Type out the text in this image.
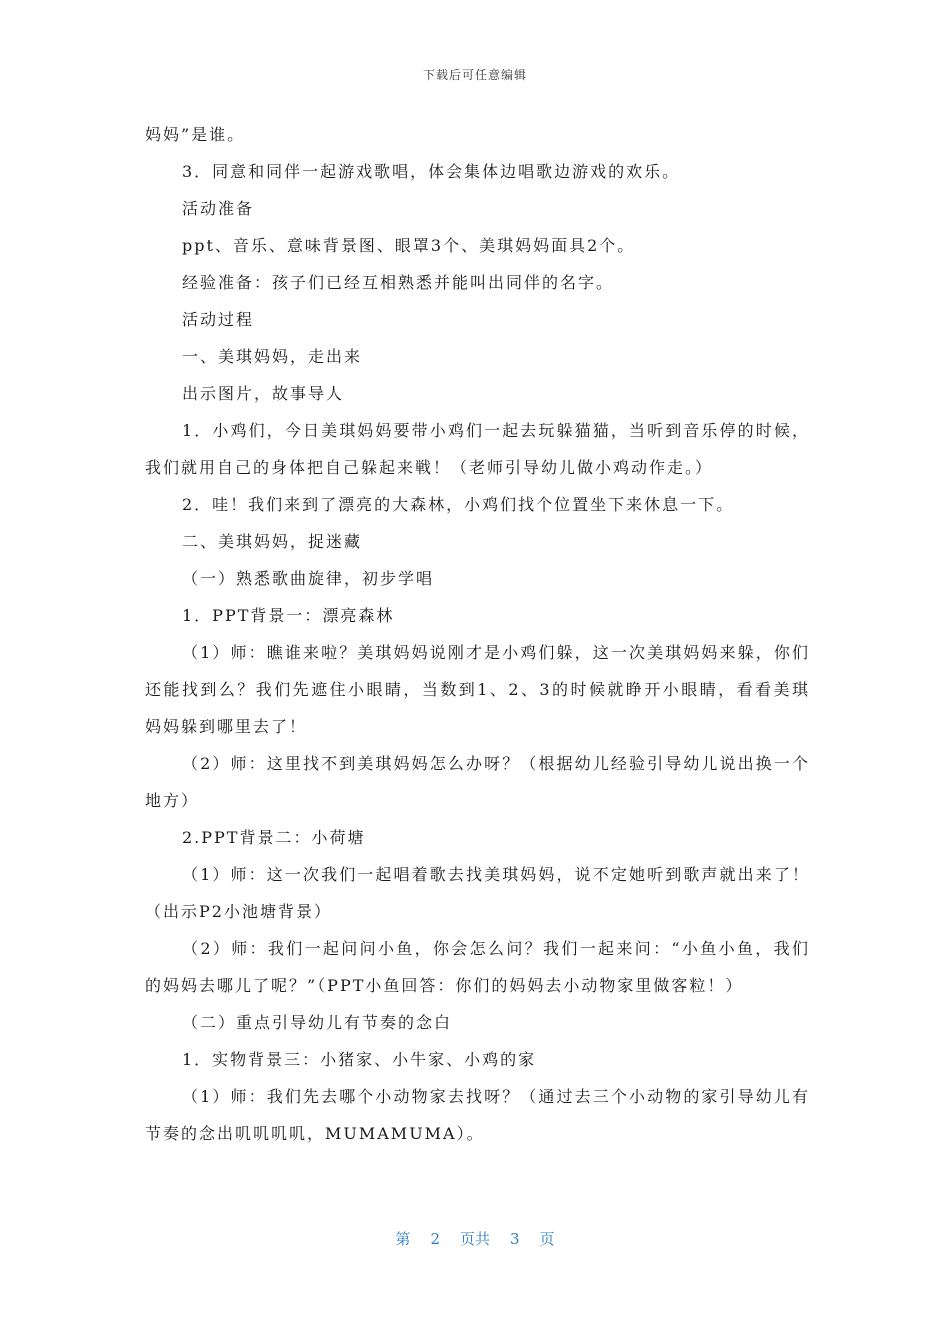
下载后可任意编辑

妈妈”是谁。

3．同意和同伴一起游戏歌唱，体会集体边唱歌边游戏的欢乐。

活动准备

ppt、音乐、意味背景图、眼罩3个、美琪妈妈面具2个。

经验准备：孩子们已经互相熟悉并能叫出同伴的名字。

活动过程

一、美琪妈妈，走出来

出示图片，故事导人

1．小鸡们，今日美琪妈妈要带小鸡们一起去玩躲猫猫，当听到音乐停的时候，我们就用自己的身体把自己躲起来戦！（老师引导幼儿做小鸡动作走。）

2．哇！我们来到了漂亮的大森林，小鸡们找个位置坐下来休息一下。

二、美琪妈妈，捉迷藏

（一）熟悉歌曲旋律，初步学唱

1．PPT背景一：漂亮森林

（1）师：瞧谁来啦？美琪妈妈说刚才是小鸡们躲，这一次美琪妈妈来躲，你们还能找到么？我们先遮住小眼睛，当数到1、2、3的时候就睁开小眼睛，看看美琪妈妈躲到哪里去了！

（2）师：这里找不到美琪妈妈怎么办呀？（根据幼儿经验引导幼儿说出换一个地方）

2.PPT背景二：小荷塘

（1）师：这一次我们一起唱着歌去找美琪妈妈，说不定她听到歌声就出来了！（出示P2小池塘背景）

（2）师：我们一起问问小鱼，你会怎么问？我们一起来问：“小鱼小鱼，我们的妈妈去哪儿了呢？”（PPT小鱼回答：你们的妈妈去小动物家里做客粒！）

（二）重点引导幼儿有节奏的念白

1．实物背景三：小猪家、小牛家、小鸡的家

（1）师：我们先去哪个小动物家去找呀？（通过去三个小动物的家引导幼儿有节奏的念出叽叽叽叽，MUMAMUMA）。

第 2 页共 3 页
